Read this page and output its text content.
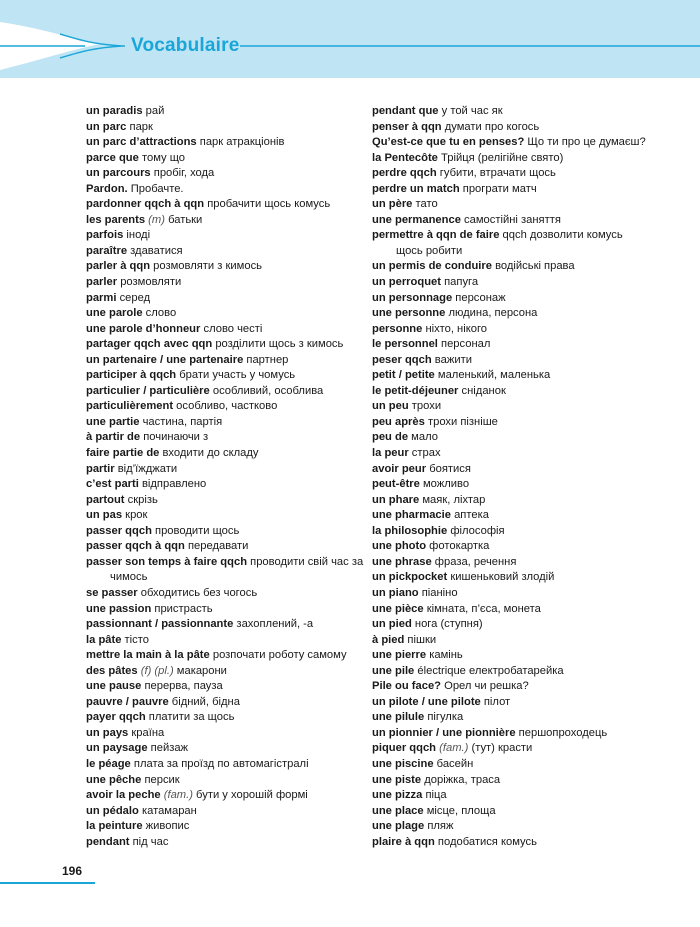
Vocabulaire
un paradis рай
un parc парк
un parc d’attractions парк атракціонів
parce que тому що
un parcours пробіг, хода
Pardon. Пробачте.
pardonner qqch à qqn пробачити щось комусь
les parents (m) батьки
parfois іноді
paraître здаватися
parler à qqn розмовляти з кимось
parler розмовляти
parmi серед
une parole слово
une parole d’honneur слово честі
partager qqch avec qqn розділити щось з кимось
un partenaire / une partenaire партнер
participer à qqch брати участь у чомусь
particulier / particulière особливий, особлива
particulièrement особливо, частково
une partie частина, партія
à partir de починаючи з
faire partie de входити до складу
partir від’їжджати
c’est parti відправлено
partout скрізь
un pas крок
passer qqch проводити щось
passer qqch à qqn передавати
passer son temps à faire qqch проводити свій час за
чимось
se passer обходитись без чогось
une passion пристрасть
passionnant / passionnante захоплений, -а
la pâte тісто
mettre la main à la pâte розпочати роботу самому
des pâtes (f) (pl.) макарони
une pause перерва, пауза
pauvre / pauvre бідний, бідна
payer qqch платити за щось
un pays країна
un paysage пейзаж
le péage плата за проїзд по автомагістралі
une pêche персик
avoir la peche (fam.) бути у хорошій формі
un pédalo катамаран
la peinture живопис
pendant під час
pendant que у той час як
penser à qqn думати про когось
Qu’est-ce que tu en penses? Що ти про це думаєш?
la Pentecôte Трійця (релігійне свято)
perdre qqch губити, втрачати щось
perdre un match програти матч
un père тато
une permanence самостійні заняття
permettre à qqn de faire qqch дозволити комусь
щось робити
un permis de conduire водійські права
un perroquet папуга
un personnage персонаж
une personne людина, персона
personne ніхто, нікого
le personnel персонал
peser qqch важити
petit / petite маленький, маленька
le petit-déjeuner сніданок
un peu трохи
peu après трохи пізніше
peu de мало
la peur страх
avoir peur боятися
peut-être можливо
un phare маяк, ліхтар
une pharmacie аптека
la philosophie філософія
une photo фотокартка
une phrase фраза, речення
un pickpocket кишеньковий злодій
un piano піаніно
une pièce кімната, п’єса, монета
un pied нога (ступня)
à pied пішки
une pierre камінь
une pile électrique електробатарейка
Pile ou face? Орел чи решка?
un pilote / une pilote пілот
une pilule пігулка
un pionnier / une pionnière першопроходець
piquer qqch (fam.) (тут) красти
une piscine басейн
une piste доріжка, траса
une pizza піца
une place місце, площа
une plage пляж
plaire à qqn подобатися комусь
196
